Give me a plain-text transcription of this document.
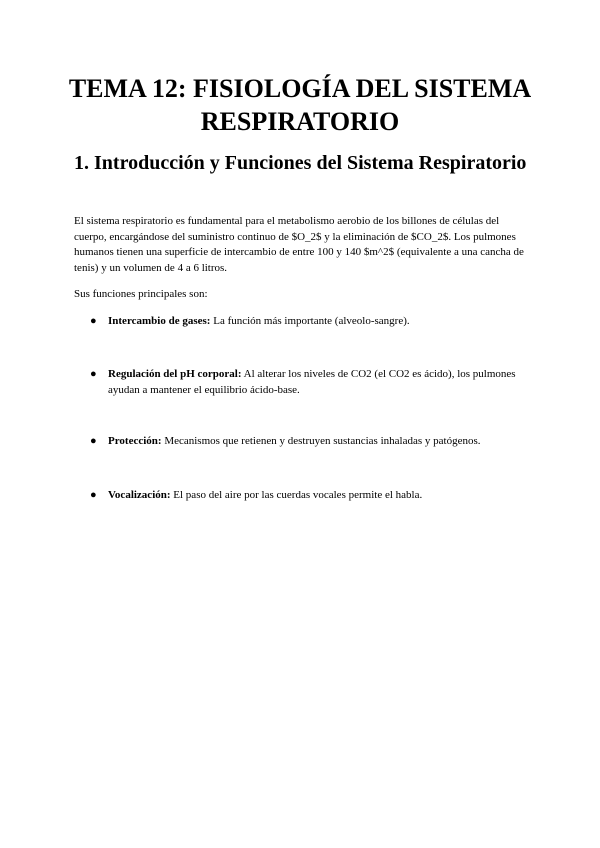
TEMA 12: FISIOLOGÍA DEL SISTEMA RESPIRATORIO
1. Introducción y Funciones del Sistema Respiratorio

El sistema respiratorio es fundamental para el metabolismo aerobio de los billones de células del cuerpo, encargándose del suministro continuo de $O_2$ y la eliminación de $CO_2$. Los pulmones humanos tienen una superficie de intercambio de entre 100 y 140 $m^2$ (equivalente a una cancha de tenis) y un volumen de 4 a 6 litros.

Sus funciones principales son:

● Intercambio de gases: La función más importante (alveolo-sangre).
● Regulación del pH corporal: Al alterar los niveles de CO2 (el CO2 es ácido), los pulmones ayudan a mantener el equilibrio ácido-base.
● Protección: Mecanismos que retienen y destruyen sustancias inhaladas y patógenos.
● Vocalización: El paso del aire por las cuerdas vocales permite el habla.
